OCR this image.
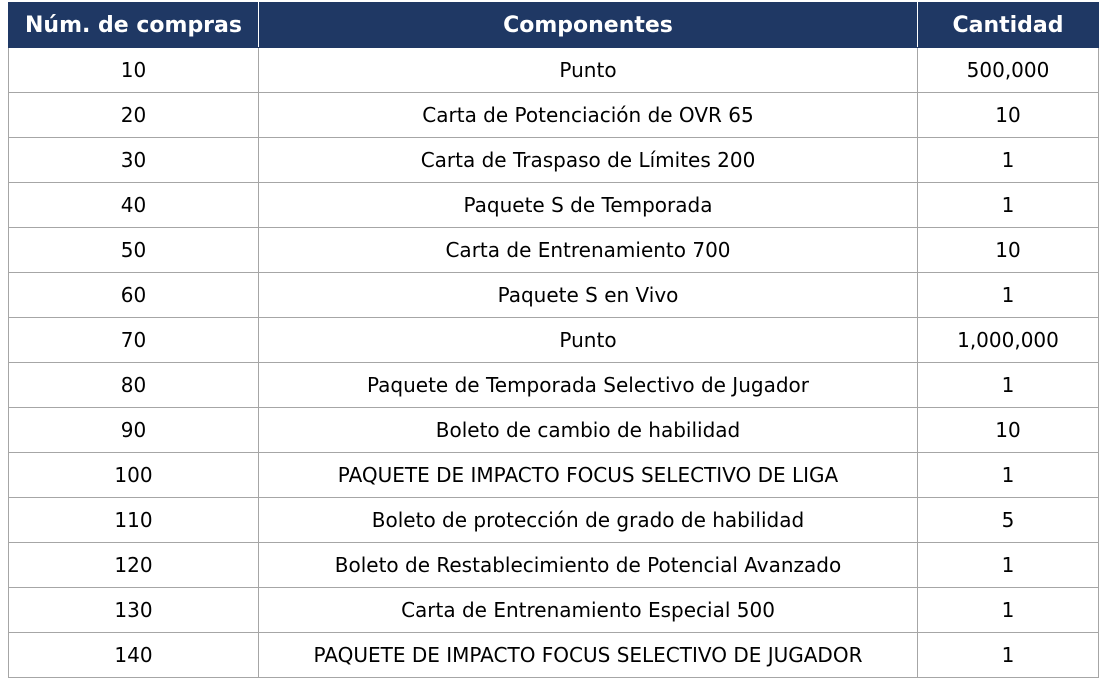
Núm. de compras	Componentes	Cantidad
10	Punto	500,000
20	Carta de Potenciación de OVR 65	10
30	Carta de Traspaso de Límites 200	1
40	Paquete S de Temporada	1
50	Carta de Entrenamiento 700	10
60	Paquete S en Vivo	1
70	Punto	1,000,000
80	Paquete de Temporada Selectivo de Jugador	1
90	Boleto de cambio de habilidad	10
100	PAQUETE DE IMPACTO FOCUS SELECTIVO DE LIGA	1
110	Boleto de protección de grado de habilidad	5
120	Boleto de Restablecimiento de Potencial Avanzado	1
130	Carta de Entrenamiento Especial 500	1
140	PAQUETE DE IMPACTO FOCUS SELECTIVO DE JUGADOR	1
